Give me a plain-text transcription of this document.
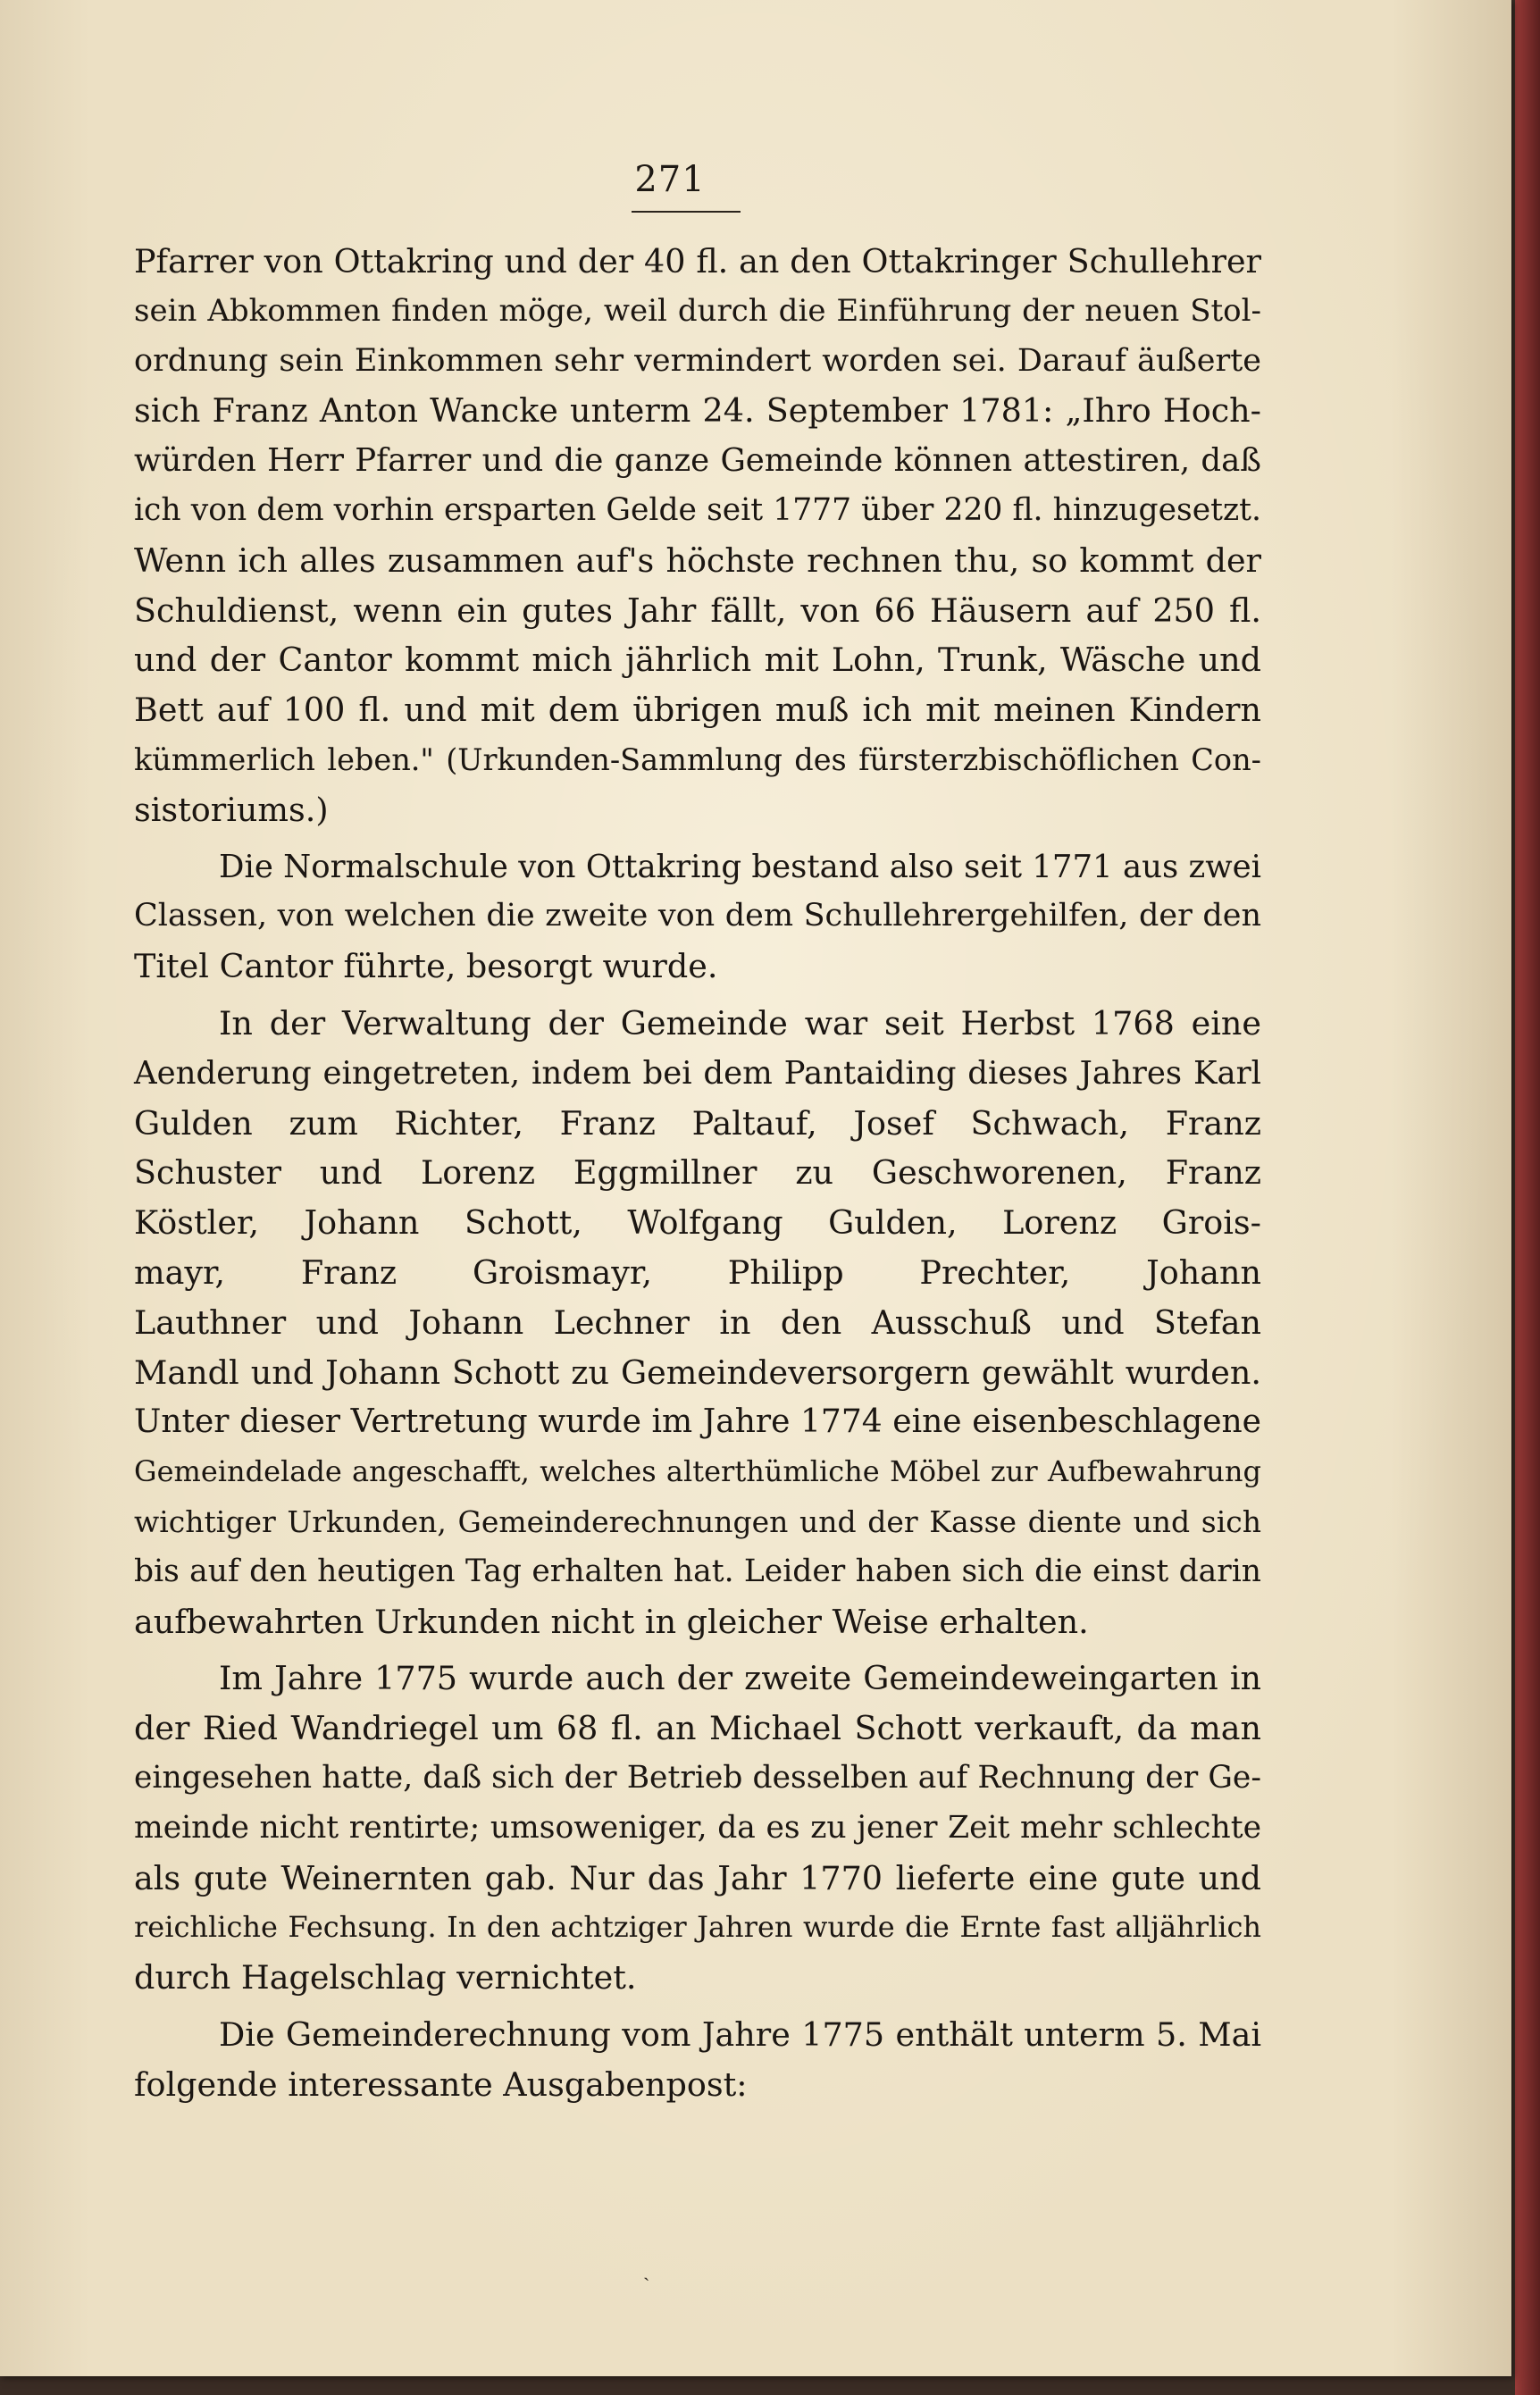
271
Pfarrer von Ottakring und der 40 fl. an den Ottakringer Schullehrer
sein Abkommen finden möge, weil durch die Einführung der neuen Stol-
ordnung sein Einkommen sehr vermindert worden sei. Darauf äußerte
sich Franz Anton Wancke unterm 24. September 1781: „Ihro Hoch-
würden Herr Pfarrer und die ganze Gemeinde können attestiren, daß
ich von dem vorhin ersparten Gelde seit 1777 über 220 fl. hinzugesetzt.
Wenn ich alles zusammen auf's höchste rechnen thu, so kommt der
Schuldienst, wenn ein gutes Jahr fällt, von 66 Häusern auf 250 fl.
und der Cantor kommt mich jährlich mit Lohn, Trunk, Wäsche und
Bett auf 100 fl. und mit dem übrigen muß ich mit meinen Kindern
kümmerlich leben." (Urkunden-Sammlung des fürsterzbischöflichen Con-
sistoriums.)
Die Normalschule von Ottakring bestand also seit 1771 aus zwei
Classen, von welchen die zweite von dem Schullehrergehilfen, der den
Titel Cantor führte, besorgt wurde.
In der Verwaltung der Gemeinde war seit Herbst 1768 eine
Aenderung eingetreten, indem bei dem Pantaiding dieses Jahres Karl
Gulden zum Richter, Franz Paltauf, Josef Schwach, Franz
Schuster und Lorenz Eggmillner zu Geschworenen, Franz
Köstler, Johann Schott, Wolfgang Gulden, Lorenz Grois-
mayr, Franz Groismayr, Philipp Prechter, Johann
Lauthner und Johann Lechner in den Ausschuß und Stefan
Mandl und Johann Schott zu Gemeindeversorgern gewählt wurden.
Unter dieser Vertretung wurde im Jahre 1774 eine eisenbeschlagene
Gemeindelade angeschafft, welches alterthümliche Möbel zur Aufbewahrung
wichtiger Urkunden, Gemeinderechnungen und der Kasse diente und sich
bis auf den heutigen Tag erhalten hat. Leider haben sich die einst darin
aufbewahrten Urkunden nicht in gleicher Weise erhalten.
Im Jahre 1775 wurde auch der zweite Gemeindeweingarten in
der Ried Wandriegel um 68 fl. an Michael Schott verkauft, da man
eingesehen hatte, daß sich der Betrieb desselben auf Rechnung der Ge-
meinde nicht rentirte; umsoweniger, da es zu jener Zeit mehr schlechte
als gute Weinernten gab. Nur das Jahr 1770 lieferte eine gute und
reichliche Fechsung. In den achtziger Jahren wurde die Ernte fast alljährlich
durch Hagelschlag vernichtet.
Die Gemeinderechnung vom Jahre 1775 enthält unterm 5. Mai
folgende interessante Ausgabenpost:
ˏ
